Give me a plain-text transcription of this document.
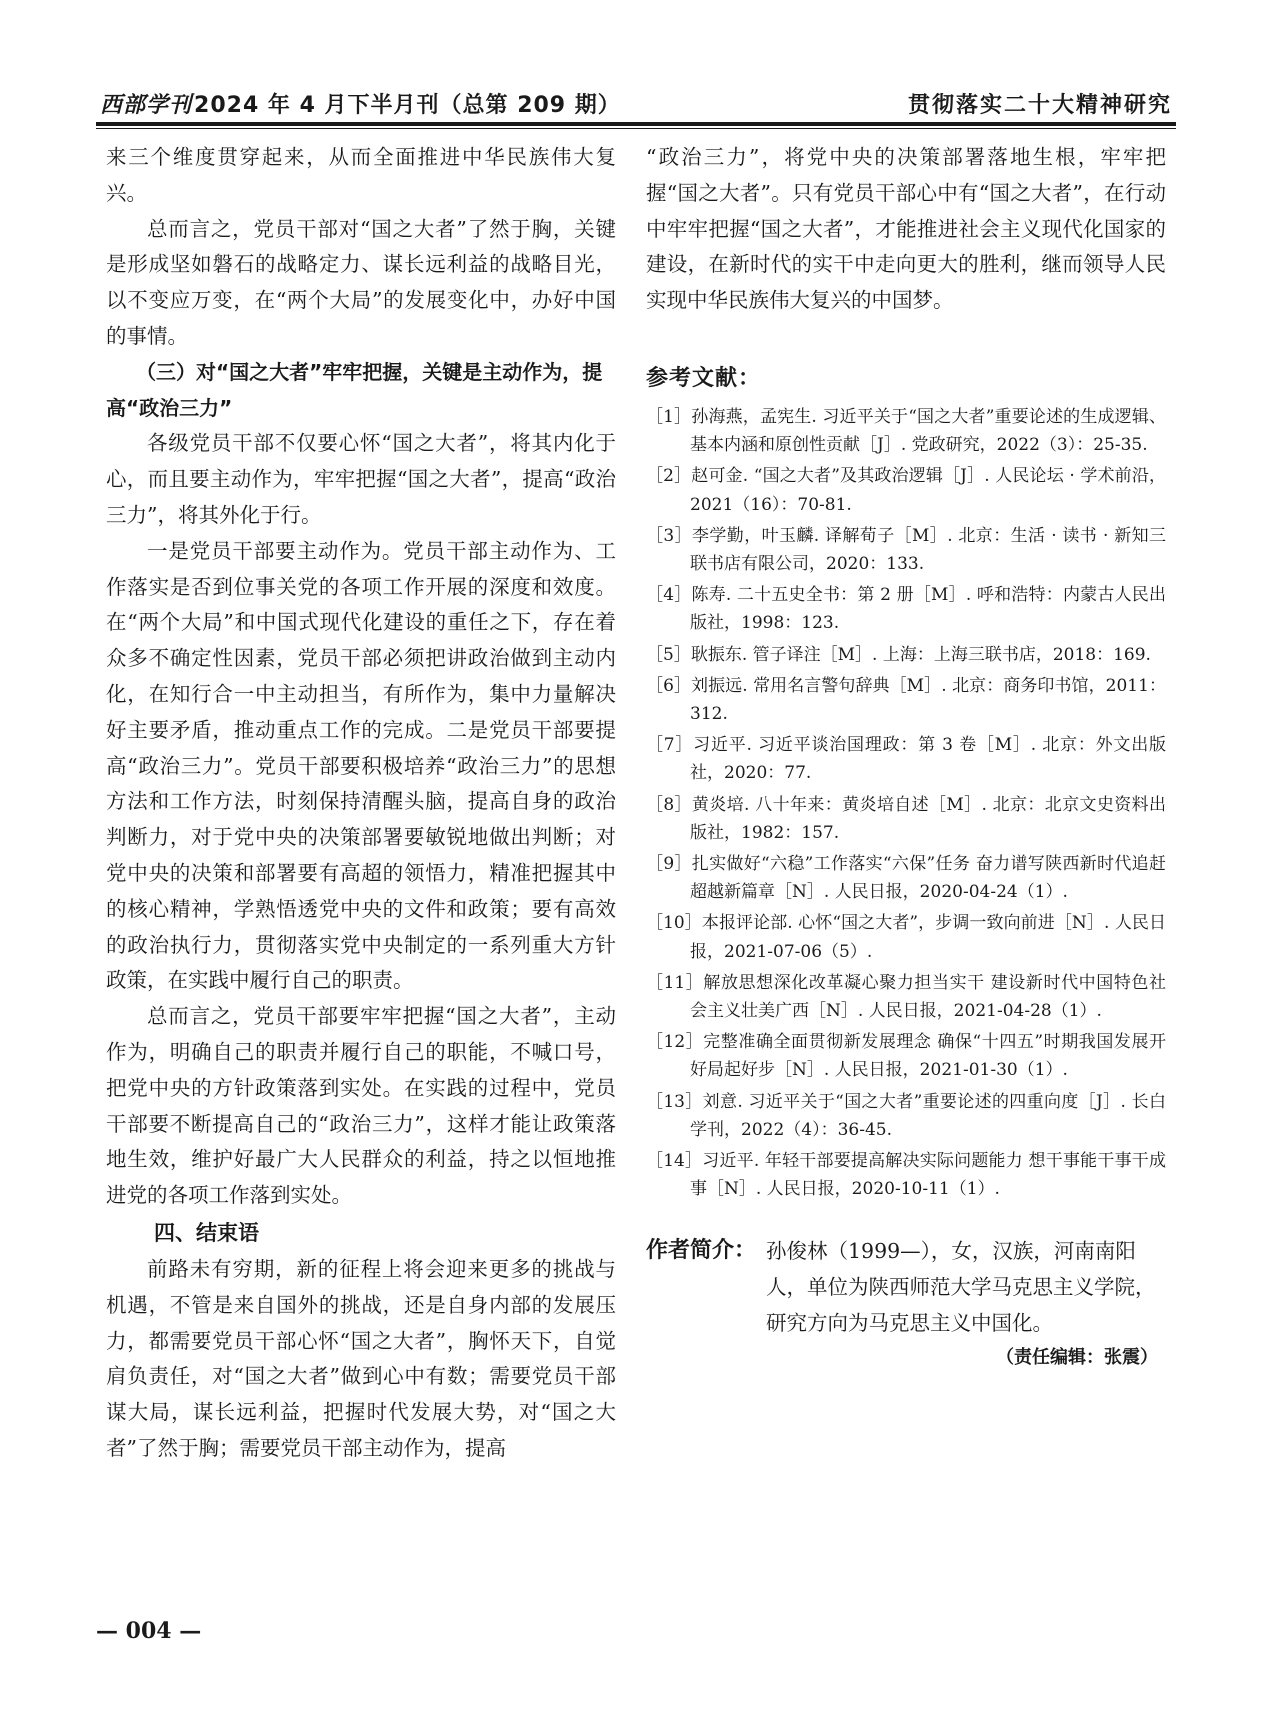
西部学刊2024 年 4 月下半月刊（总第 209 期）	贯彻落实二十大精神研究

来三个维度贯穿起来，从而全面推进中华民族伟大复兴。

总而言之，党员干部对“国之大者”了然于胸，关键是形成坚如磐石的战略定力、谋长远利益的战略目光，以不变应万变，在“两个大局”的发展变化中，办好中国的事情。

（三）对“国之大者”牢牢把握，关键是主动作为，提高“政治三力”

各级党员干部不仅要心怀“国之大者”，将其内化于心，而且要主动作为，牢牢把握“国之大者”，提高“政治三力”，将其外化于行。

一是党员干部要主动作为。党员干部主动作为、工作落实是否到位事关党的各项工作开展的深度和效度。在“两个大局”和中国式现代化建设的重任之下，存在着众多不确定性因素，党员干部必须把讲政治做到主动内化，在知行合一中主动担当，有所作为，集中力量解决好主要矛盾，推动重点工作的完成。二是党员干部要提高“政治三力”。党员干部要积极培养“政治三力”的思想方法和工作方法，时刻保持清醒头脑，提高自身的政治判断力，对于党中央的决策部署要敏锐地做出判断；对党中央的决策和部署要有高超的领悟力，精准把握其中的核心精神，学熟悟透党中央的文件和政策；要有高效的政治执行力，贯彻落实党中央制定的一系列重大方针政策，在实践中履行自己的职责。

总而言之，党员干部要牢牢把握“国之大者”，主动作为，明确自己的职责并履行自己的职能，不喊口号，把党中央的方针政策落到实处。在实践的过程中，党员干部要不断提高自己的“政治三力”，这样才能让政策落地生效，维护好最广大人民群众的利益，持之以恒地推进党的各项工作落到实处。

四、结束语

前路未有穷期，新的征程上将会迎来更多的挑战与机遇，不管是来自国外的挑战，还是自身内部的发展压力，都需要党员干部心怀“国之大者”，胸怀天下，自觉肩负责任，对“国之大者”做到心中有数；需要党员干部谋大局，谋长远利益，把握时代发展大势，对“国之大者”了然于胸；需要党员干部主动作为，提高

“政治三力”，将党中央的决策部署落地生根，牢牢把握“国之大者”。只有党员干部心中有“国之大者”，在行动中牢牢把握“国之大者”，才能推进社会主义现代化国家的建设，在新时代的实干中走向更大的胜利，继而领导人民实现中华民族伟大复兴的中国梦。

参考文献：
［1］孙海燕，孟宪生. 习近平关于“国之大者”重要论述的生成逻辑、基本内涵和原创性贡献［J］. 党政研究，2022（3）：25-35.
［2］赵可金. “国之大者”及其政治逻辑［J］. 人民论坛 · 学术前沿，2021（16）：70-81.
［3］李学勤，叶玉麟. 译解荀子［M］. 北京：生活 · 读书 · 新知三联书店有限公司，2020：133.
［4］陈寿. 二十五史全书：第 2 册［M］. 呼和浩特：内蒙古人民出版社，1998：123.
［5］耿振东. 管子译注［M］. 上海：上海三联书店，2018：169.
［6］刘振远. 常用名言警句辞典［M］. 北京：商务印书馆，2011：312.
［7］习近平. 习近平谈治国理政：第 3 卷［M］. 北京：外文出版社，2020：77.
［8］黄炎培. 八十年来：黄炎培自述［M］. 北京：北京文史资料出版社，1982：157.
［9］扎实做好“六稳”工作落实“六保”任务 奋力谱写陕西新时代追赶超越新篇章［N］. 人民日报，2020-04-24（1）.
［10］本报评论部. 心怀“国之大者”，步调一致向前进［N］. 人民日报，2021-07-06（5）.
［11］解放思想深化改革凝心聚力担当实干 建设新时代中国特色社会主义壮美广西［N］. 人民日报，2021-04-28（1）.
［12］完整准确全面贯彻新发展理念 确保“十四五”时期我国发展开好局起好步［N］. 人民日报，2021-01-30（1）.
［13］刘意. 习近平关于“国之大者”重要论述的四重向度［J］. 长白学刊，2022（4）：36-45.
［14］习近平. 年轻干部要提高解决实际问题能力 想干事能干事干成事［N］. 人民日报，2020-10-11（1）.
作者简介： 孙俊林（1999—），女，汉族，河南南阳人，单位为陕西师范大学马克思主义学院，研究方向为马克思主义中国化。
（责任编辑：张震）
— 004 —
